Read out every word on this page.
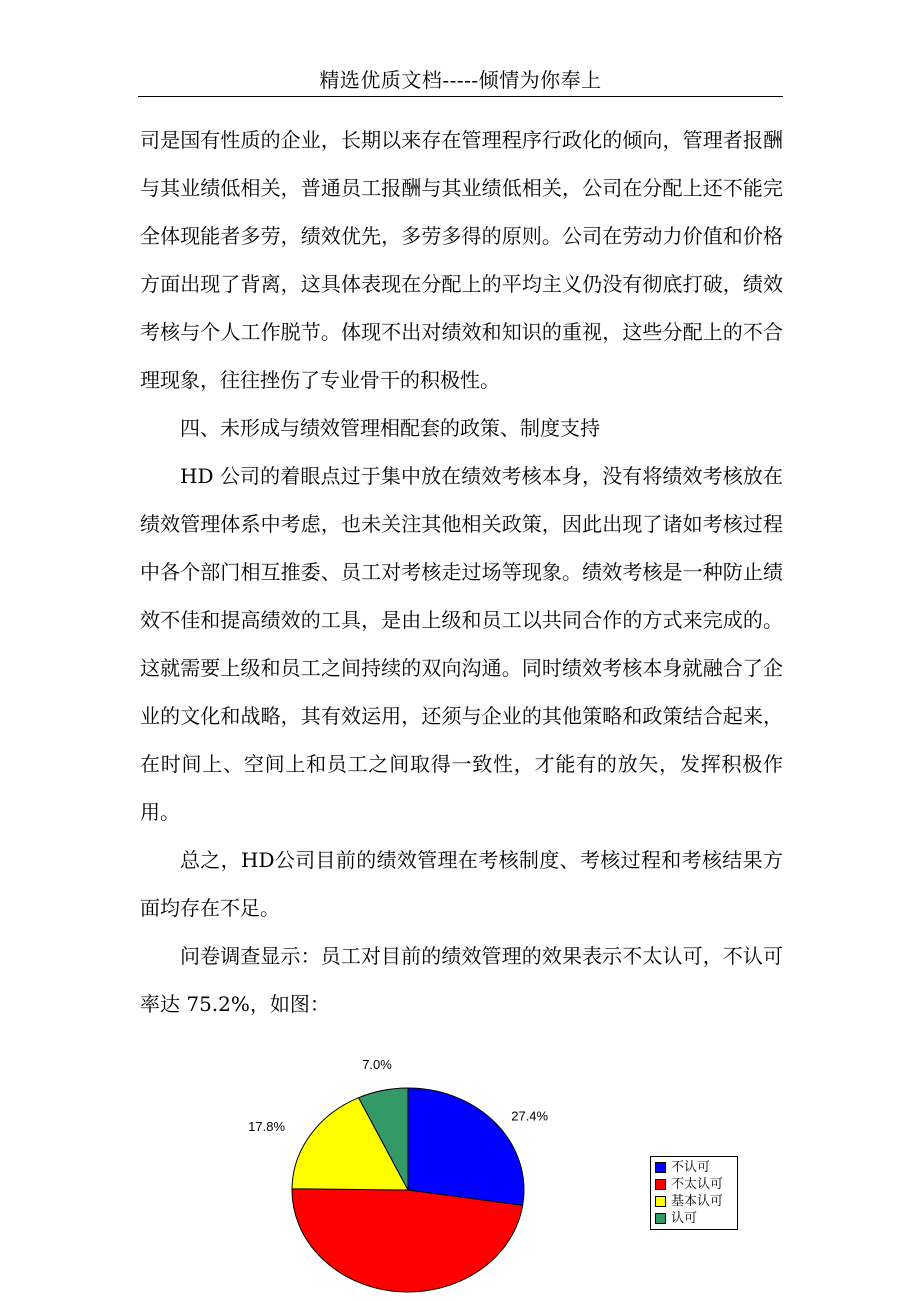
精选优质文档-----倾情为你奉上

司是国有性质的企业，长期以来存在管理程序行政化的倾向，管理者报酬与其业绩低相关，普通员工报酬与其业绩低相关，公司在分配上还不能完全体现能者多劳，绩效优先，多劳多得的原则。公司在劳动力价值和价格方面出现了背离，这具体表现在分配上的平均主义仍没有彻底打破，绩效考核与个人工作脱节。体现不出对绩效和知识的重视，这些分配上的不合理现象，往往挫伤了专业骨干的积极性。

四、未形成与绩效管理相配套的政策、制度支持

HD 公司的着眼点过于集中放在绩效考核本身，没有将绩效考核放在绩效管理体系中考虑，也未关注其他相关政策，因此出现了诸如考核过程中各个部门相互推委、员工对考核走过场等现象。绩效考核是一种防止绩效不佳和提高绩效的工具，是由上级和员工以共同合作的方式来完成的。这就需要上级和员工之间持续的双向沟通。同时绩效考核本身就融合了企业的文化和战略，其有效运用，还须与企业的其他策略和政策结合起来，在时间上、空间上和员工之间取得一致性，才能有的放矢，发挥积极作用。

总之，HD公司目前的绩效管理在考核制度、考核过程和考核结果方面均存在不足。

问卷调查显示：员工对目前的绩效管理的效果表示不太认可，不认可率达 75.2%，如图：

27.4%
17.8%
7.0%
不认可
不太认可
基本认可
认可
